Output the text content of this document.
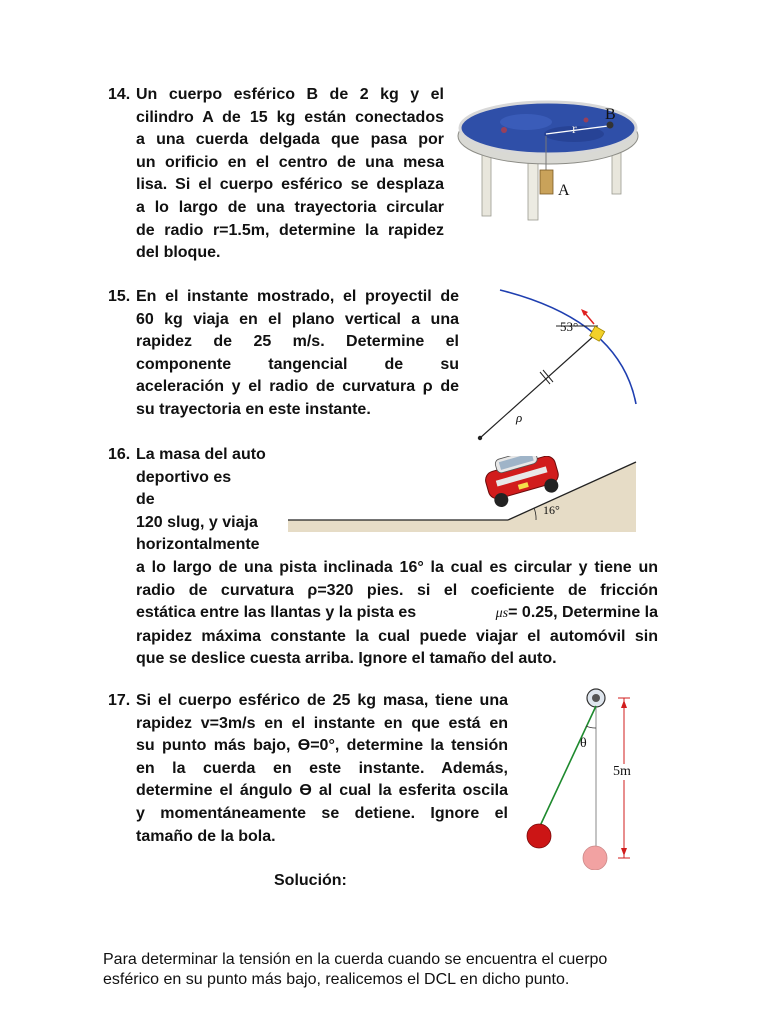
14. Un cuerpo esférico B de 2 kg y el
cilindro A de 15 kg están conectados
a una cuerda delgada que pasa por
un orificio en el centro de una mesa
lisa. Si el cuerpo esférico se desplaza
a lo largo de una trayectoria circular
de radio r=1.5m, determine la rapidez
del bloque.
B
A
r
15. En el instante mostrado, el proyectil de
60 kg viaja en el plano vertical a una
rapidez de 25 m/s. Determine el
componente tangencial de su
aceleración y el radio de curvatura ρ de
su trayectoria en este instante.
53°
ρ
16. La masa del auto
deportivo es
de
120 slug, y viaja
horizontalmente
a lo largo de una pista inclinada 16° la cual es circular y tiene un
radio de curvatura ρ=320 pies. si el coeficiente de fricción
estática entre las llantas y la pista es	μs= 0.25, Determine la
rapidez máxima constante la cual puede viajar el automóvil sin
que se deslice cuesta arriba. Ignore el tamaño del auto.
16°
17. Si el cuerpo esférico de 25 kg masa, tiene una
rapidez v=3m/s en el instante en que está en
su punto más bajo, Ɵ=0°, determine la tensión
en la cuerda en este instante. Además,
determine el ángulo Ɵ al cual la esferita oscila
y momentáneamente se detiene. Ignore el
tamaño de la bola.
θ
5m
Solución:
Para determinar la tensión en la cuerda cuando se encuentra el cuerpo
esférico en su punto más bajo, realicemos el DCL en dicho punto.
